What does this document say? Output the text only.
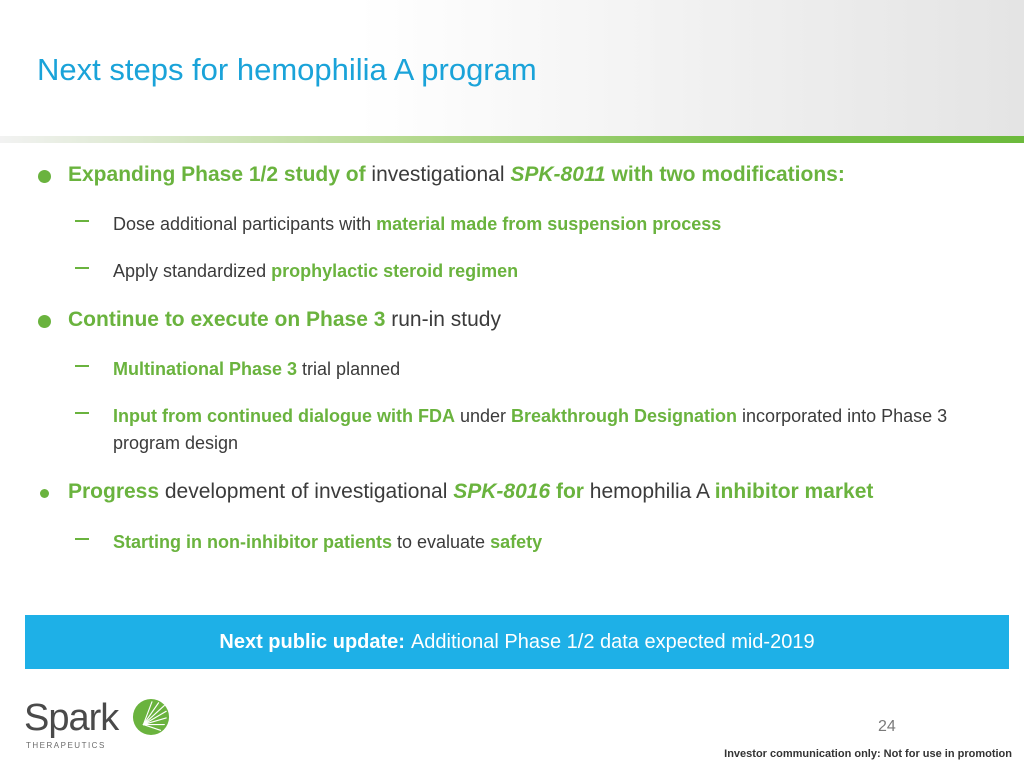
Next steps for hemophilia A program
Expanding Phase 1/2 study of investigational SPK-8011 with two modifications:
Dose additional participants with material made from suspension process
Apply standardized prophylactic steroid regimen
Continue to execute on Phase 3 run-in study
Multinational Phase 3 trial planned
Input from continued dialogue with FDA under Breakthrough Designation incorporated into Phase 3 program design
Progress development of investigational SPK-8016 for hemophilia A inhibitor market
Starting in non-inhibitor patients to evaluate safety
Next public update: Additional Phase 1/2 data expected mid-2019
Spark
THERAPEUTICS
24
Investor communication only: Not for use in promotion
